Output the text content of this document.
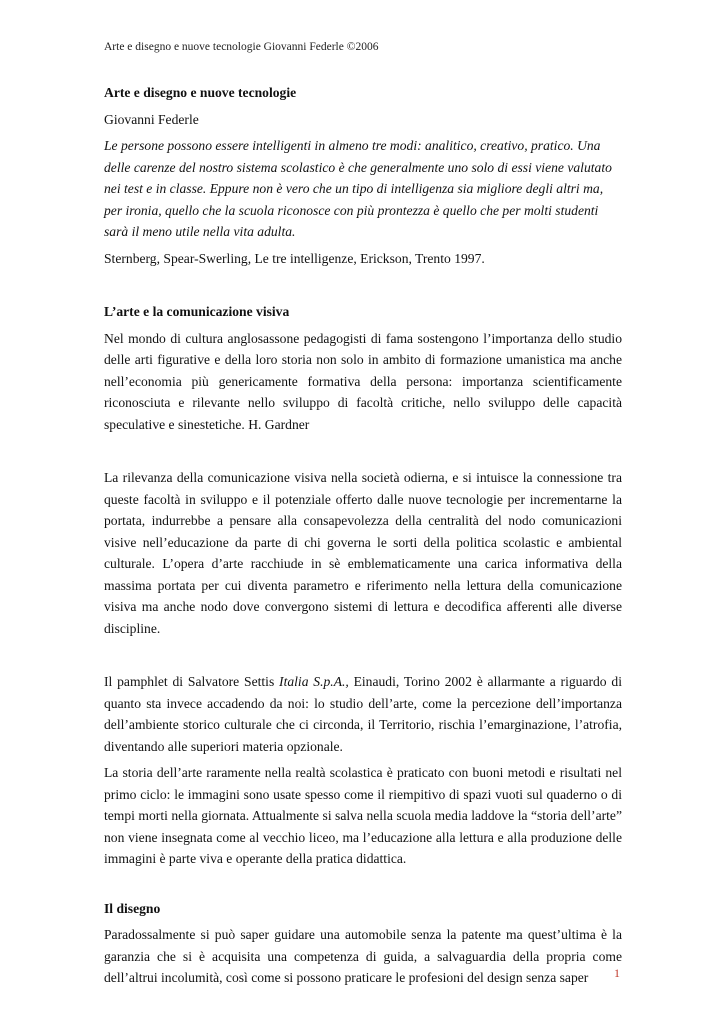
Arte e disegno e nuove tecnologie Giovanni Federle ©2006

Arte e disegno e nuove tecnologie

Giovanni Federle

Le persone possono essere intelligenti in almeno tre modi: analitico, creativo, pratico. Una delle carenze del nostro sistema scolastico è che generalmente uno solo di essi viene valutato nei test e in classe. Eppure non è vero che un tipo di intelligenza sia migliore degli altri ma, per ironia, quello che la scuola riconosce con più prontezza è quello che per molti studenti sarà il meno utile nella vita adulta.

Sternberg, Spear-Swerling, Le tre intelligenze, Erickson, Trento 1997.

L’arte e la comunicazione visiva

Nel mondo di cultura anglosassone pedagogisti di fama sostengono l’importanza dello studio delle arti figurative e della loro storia non solo in ambito di formazione umanistica ma anche nell’economia più genericamente formativa della persona: importanza scientificamente riconosciuta e rilevante nello sviluppo di facoltà critiche, nello sviluppo delle capacità speculative e sinestetiche. H. Gardner

La rilevanza della comunicazione visiva nella società odierna, e si intuisce la connessione tra queste facoltà in sviluppo e il potenziale offerto dalle nuove tecnologie per incrementarne la portata, indurrebbe a pensare alla consapevolezza della centralità del nodo comunicazioni visive nell’educazione da parte di chi governa le sorti della politica scolastic e ambiental culturale. L’opera d’arte racchiude in sè emblematicamente una carica informativa della massima portata per cui diventa parametro e riferimento nella lettura della comunicazione visiva ma anche nodo dove convergono sistemi di lettura e decodifica afferenti alle diverse discipline.

Il pamphlet di Salvatore Settis Italia S.p.A., Einaudi, Torino 2002 è allarmante a riguardo di quanto sta invece accadendo da noi: lo studio dell’arte, come la percezione dell’importanza dell’ambiente storico culturale che ci circonda, il Territorio, rischia l’emarginazione, l’atrofia, diventando alle superiori materia opzionale.

La storia dell’arte raramente nella realtà scolastica è praticato con buoni metodi e risultati nel primo ciclo: le immagini sono usate spesso come il riempitivo di spazi vuoti sul quaderno o di tempi morti nella giornata. Attualmente si salva nella scuola media laddove la “storia dell’arte” non viene insegnata come al vecchio liceo, ma l’educazione alla lettura e alla produzione delle immagini è parte viva e operante della pratica didattica.

Il disegno

Paradossalmente si può saper guidare una automobile senza la patente ma quest’ultima è la garanzia che si è acquisita una competenza di guida, a salvaguardia della propria come dell’altrui incolumità, così come si possono praticare le profesioni del design senza saper	1
